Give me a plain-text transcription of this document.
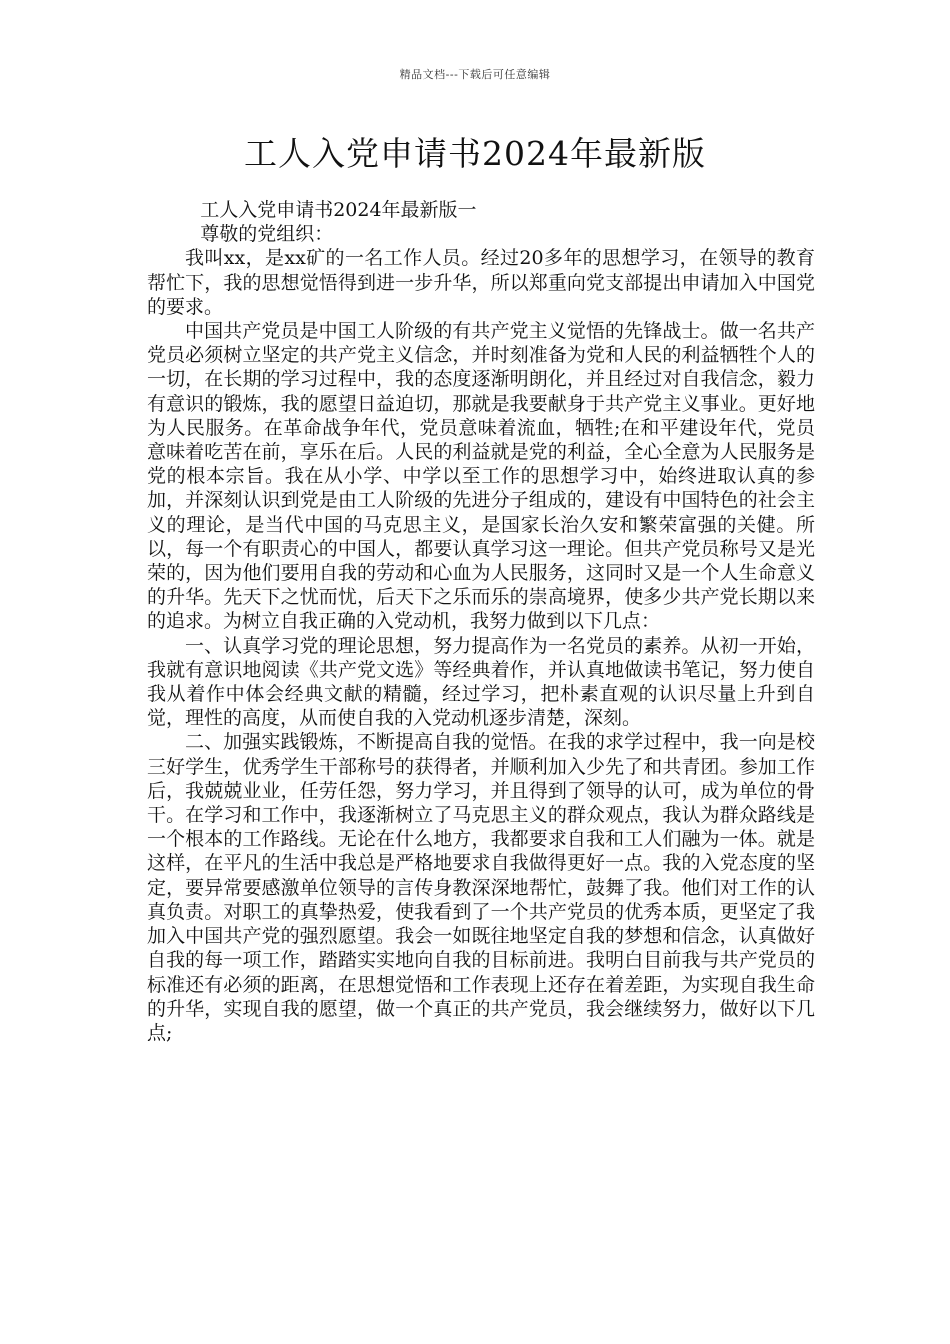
精品文档---下载后可任意编辑
工人入党申请书2024年最新版

工人入党申请书2024年最新版一

尊敬的党组织：

我叫xx，是xx矿的一名工作人员。经过20多年的思想学习，在领导的教育帮忙下，我的思想觉悟得到进一步升华，所以郑重向党支部提出申请加入中国党的要求。

中国共产党员是中国工人阶级的有共产党主义觉悟的先锋战士。做一名共产党员必须树立坚定的共产党主义信念，并时刻准备为党和人民的利益牺牲个人的一切，在长期的学习过程中，我的态度逐渐明朗化，并且经过对自我信念，毅力有意识的锻炼，我的愿望日益迫切，那就是我要献身于共产党主义事业。更好地为人民服务。在革命战争年代，党员意味着流血，牺牲;在和平建设年代，党员意味着吃苦在前，享乐在后。人民的利益就是党的利益，全心全意为人民服务是党的根本宗旨。我在从小学、中学以至工作的思想学习中，始终进取认真的参加，并深刻认识到党是由工人阶级的先进分子组成的，建设有中国特色的社会主义的理论，是当代中国的马克思主义，是国家长治久安和繁荣富强的关健。所以，每一个有职责心的中国人，都要认真学习这一理论。但共产党员称号又是光荣的，因为他们要用自我的劳动和心血为人民服务，这同时又是一个人生命意义的升华。先天下之忧而忧，后天下之乐而乐的崇高境界，使多少共产党长期以来的追求。为树立自我正确的入党动机，我努力做到以下几点：

一、认真学习党的理论思想，努力提高作为一名党员的素养。从初一开始，我就有意识地阅读《共产党文选》等经典着作，并认真地做读书笔记，努力使自我从着作中体会经典文献的精髓，经过学习，把朴素直观的认识尽量上升到自觉，理性的高度，从而使自我的入党动机逐步清楚，深刻。

二、加强实践锻炼，不断提高自我的觉悟。在我的求学过程中，我一向是校三好学生，优秀学生干部称号的获得者，并顺利加入少先了和共青团。参加工作后，我兢兢业业，任劳任怨，努力学习，并且得到了领导的认可，成为单位的骨干。在学习和工作中，我逐渐树立了马克思主义的群众观点，我认为群众路线是一个根本的工作路线。无论在什么地方，我都要求自我和工人们融为一体。就是这样，在平凡的生活中我总是严格地要求自我做得更好一点。我的入党态度的坚定，要异常要感激单位领导的言传身教深深地帮忙，鼓舞了我。他们对工作的认真负责。对职工的真挚热爱，使我看到了一个共产党员的优秀本质，更坚定了我加入中国共产党的强烈愿望。我会一如既往地坚定自我的梦想和信念，认真做好自我的每一项工作，踏踏实实地向自我的目标前进。我明白目前我与共产党员的标准还有必须的距离，在思想觉悟和工作表现上还存在着差距，为实现自我生命的升华，实现自我的愿望，做一个真正的共产党员，我会继续努力，做好以下几点;
